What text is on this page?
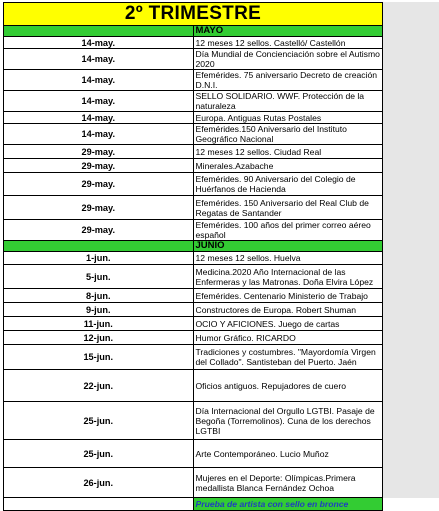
2º TRIMESTRE	
	MAYO
14-may.	12 meses 12 sellos. Castelló/ Castellón
14-may.	Día Mundial de Concienciación sobre el Autismo 2020
14-may.	Efemérides. 75 aniversario Decreto de creación D.N.I.
14-may.	SELLO SOLIDARIO. WWF. Protección de la naturaleza
14-may.	Europa. Antiguas Rutas Postales
14-may.	Efemérides.150 Aniversario del Instituto Geográfico Nacional
29-may.	12 meses 12 sellos. Ciudad Real
29-may.	Minerales.Azabache
29-may.	Efemérides. 90 Aniversario del Colegio de Huérfanos de Hacienda
29-may.	Efemérides. 150 Aniversario del Real Club de Regatas de Santander
29-may.	Efemérides. 100 años del primer correo aéreo español
	JUNIO
1-jun.	12 meses 12 sellos. Huelva
5-jun.	Medicina.2020 Año Internacional de las Enfermeras y las Matronas. Doña Elvira López
8-jun.	Efemérides. Centenario Ministerio de Trabajo
9-jun.	Constructores de Europa. Robert Shuman
11-jun.	OCIO Y AFICIONES. Juego de cartas
12-jun.	Humor Gráfico. RICARDO
15-jun.	Tradiciones y costumbres. "Mayordomía Virgen del Collado". Santisteban del Puerto. Jaén
22-jun.	Oficios antiguos. Repujadores de cuero
25-jun.	Día Internacional del Orgullo LGTBI. Pasaje de Begoña (Torremolinos). Cuna de los derechos LGTBI
25-jun.	Arte Contemporáneo. Lucio Muñoz
26-jun.	Mujeres en el Deporte: Olímpicas.Primera medallista Blanca Fernández Ochoa
	Prueba de artista con sello en bronce
